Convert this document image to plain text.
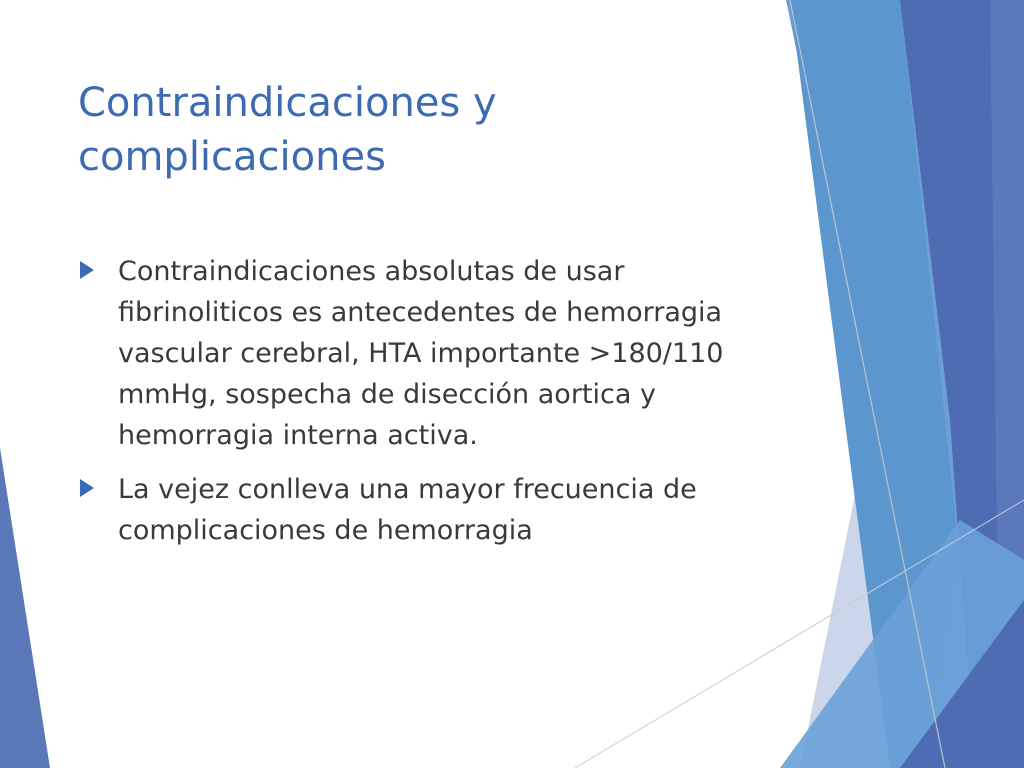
Contraindicaciones y complicaciones
Contraindicaciones absolutas de usar fibrinoliticos es antecedentes de hemorragia vascular cerebral, HTA importante >180/110 mmHg, sospecha de disección aortica y hemorragia interna activa.
La vejez conlleva una mayor frecuencia de complicaciones de hemorragia
